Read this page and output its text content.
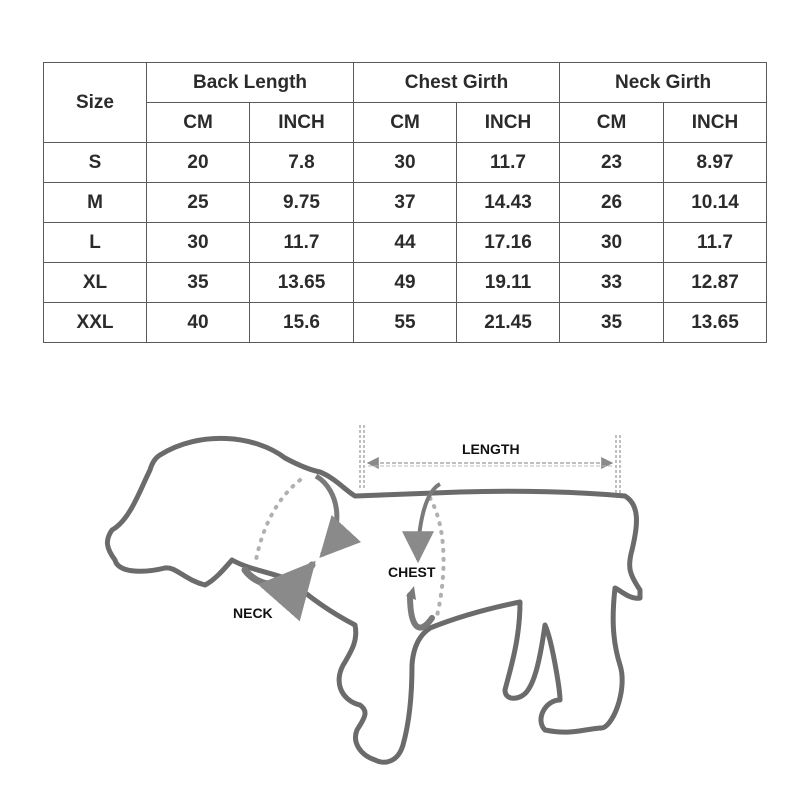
Size	Back Length		Chest Girth		Neck Girth	
	CM	INCH	CM	INCH	CM	INCH
S	20	7.8	30	11.7	23	8.97
M	25	9.75	37	14.43	26	10.14
L	30	11.7	44	17.16	30	11.7
XL	35	13.65	49	19.11	33	12.87
XXL	40	15.6	55	21.45	35	13.65
LENGTH
CHEST
NECK
